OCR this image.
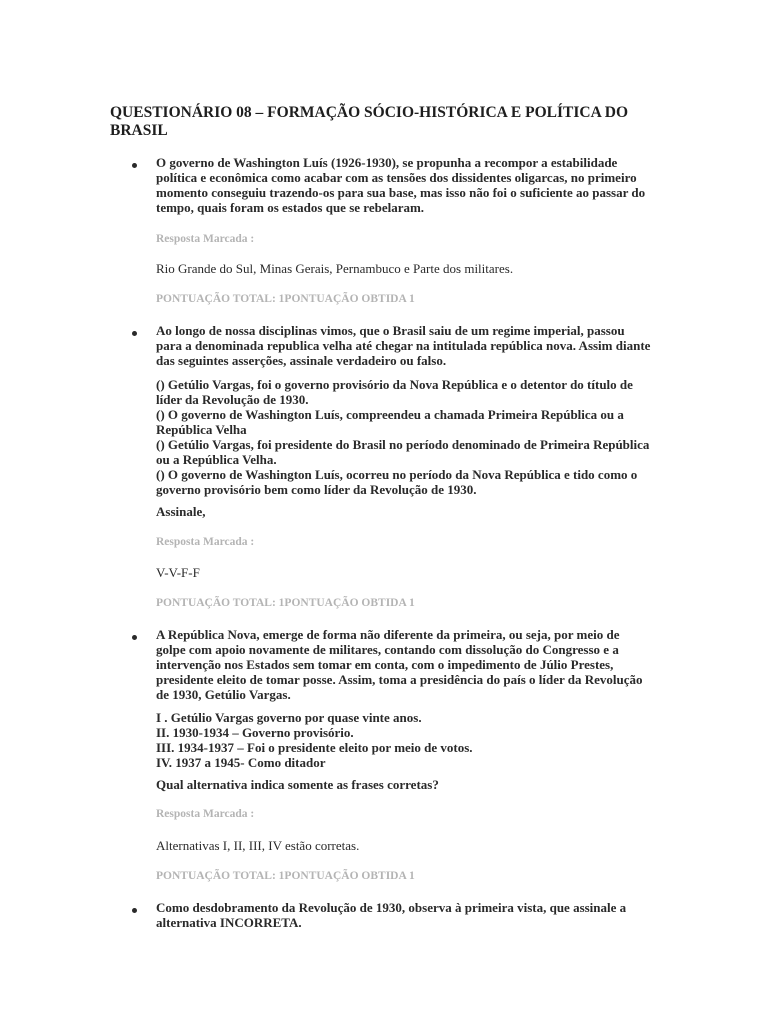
QUESTIONÁRIO 08 – FORMAÇÃO SÓCIO-HISTÓRICA E POLÍTICA DO BRASIL

O governo de Washington Luís (1926-1930), se propunha a recompor a estabilidade política e econômica como acabar com as tensões dos dissidentes oligarcas, no primeiro momento conseguiu trazendo-os para sua base, mas isso não foi o suficiente ao passar do tempo, quais foram os estados que se rebelaram.

Resposta Marcada :

Rio Grande do Sul, Minas Gerais, Pernambuco e Parte dos militares.

PONTUAÇÃO TOTAL: 1PONTUAÇÃO OBTIDA 1

Ao longo de nossa disciplinas vimos, que o Brasil saiu de um regime imperial, passou para a denominada republica velha até chegar na intitulada república nova. Assim diante das seguintes asserções, assinale verdadeiro ou falso.

() Getúlio Vargas, foi o governo provisório da Nova República e o detentor do título de líder da Revolução de 1930.

() O governo de Washington Luís, compreendeu a chamada Primeira República ou a República Velha

() Getúlio Vargas, foi presidente do Brasil no período denominado de Primeira República ou a República Velha.

() O governo de Washington Luís, ocorreu no período da Nova República e tido como o governo provisório bem como líder da Revolução de 1930.

Assinale,

Resposta Marcada :

V-V-F-F

PONTUAÇÃO TOTAL: 1PONTUAÇÃO OBTIDA 1

A República Nova, emerge de forma não diferente da primeira, ou seja, por meio de golpe com apoio novamente de militares, contando com dissolução do Congresso e a intervenção nos Estados sem tomar em conta, com o impedimento de Júlio Prestes, presidente eleito de tomar posse. Assim, toma a presidência do país o líder da Revolução de 1930, Getúlio Vargas.

I . Getúlio Vargas governo por quase vinte anos.

II. 1930-1934 – Governo provisório.

III. 1934-1937 – Foi o presidente eleito por meio de votos.

IV. 1937 a 1945- Como ditador

Qual alternativa indica somente as frases corretas?

Resposta Marcada :

Alternativas I, II, III, IV estão corretas.

PONTUAÇÃO TOTAL: 1PONTUAÇÃO OBTIDA 1

Como desdobramento da Revolução de 1930, observa à primeira vista, que assinale a alternativa INCORRETA.
